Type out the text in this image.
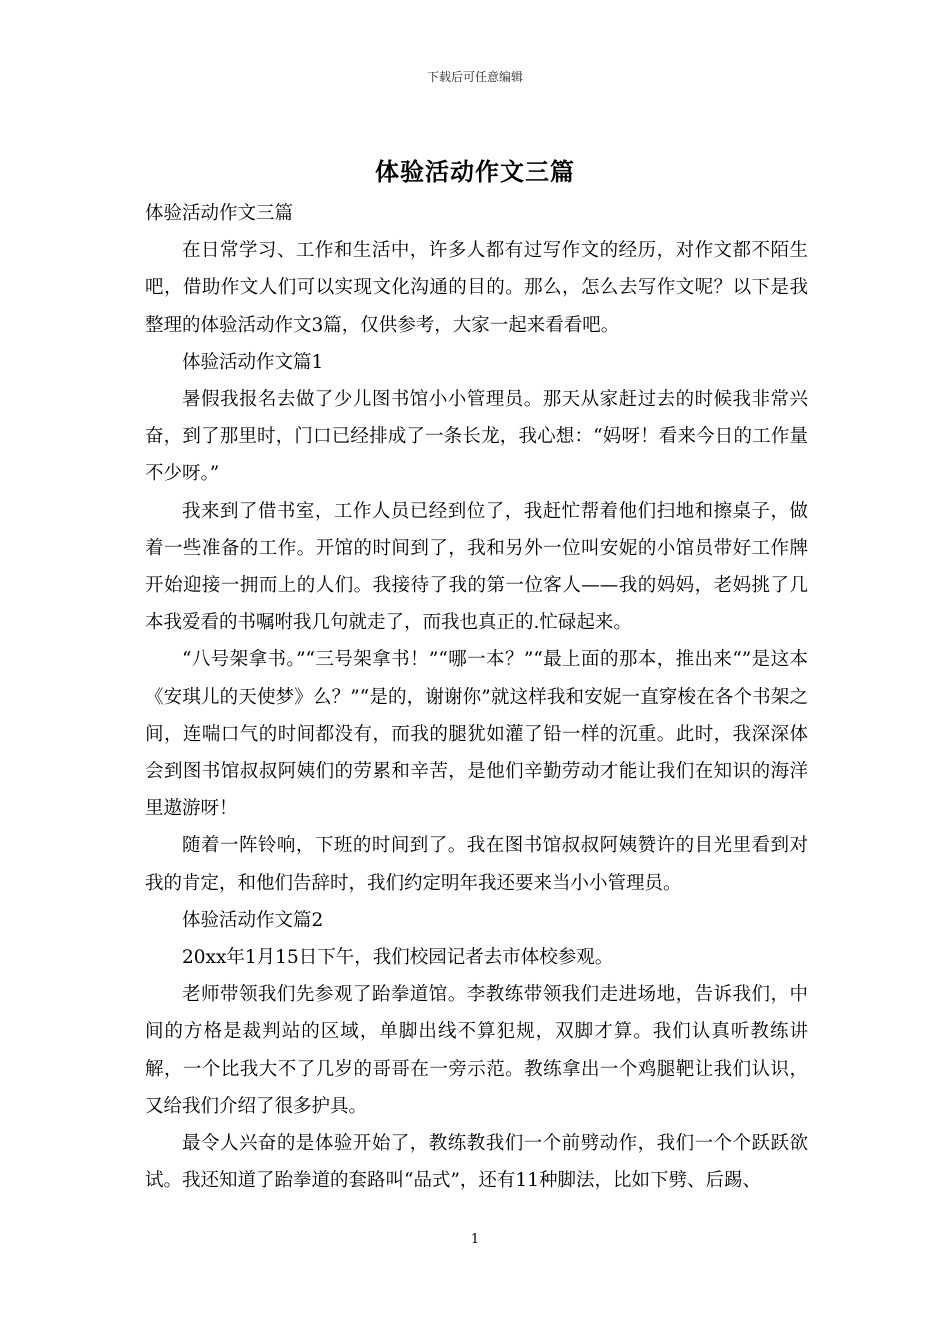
下载后可任意编辑
体验活动作文三篇

体验活动作文三篇

在日常学习、工作和生活中，许多人都有过写作文的经历，对作文都不陌生吧，借助作文人们可以实现文化沟通的目的。那么，怎么去写作文呢？以下是我整理的体验活动作文3篇，仅供参考，大家一起来看看吧。

体验活动作文篇1

暑假我报名去做了少儿图书馆小小管理员。那天从家赶过去的时候我非常兴奋，到了那里时，门口已经排成了一条长龙，我心想：“妈呀！看来今日的工作量不少呀。”

我来到了借书室，工作人员已经到位了，我赶忙帮着他们扫地和擦桌子，做着一些准备的工作。开馆的时间到了，我和另外一位叫安妮的小馆员带好工作牌开始迎接一拥而上的人们。我接待了我的第一位客人——我的妈妈，老妈挑了几本我爱看的书嘱咐我几句就走了，而我也真正的.忙碌起来。

“八号架拿书。”“三号架拿书！”“哪一本？”“最上面的那本，推出来“”是这本《安琪儿的天使梦》么？”“是的，谢谢你”就这样我和安妮一直穿梭在各个书架之间，连喘口气的时间都没有，而我的腿犹如灌了铅一样的沉重。此时，我深深体会到图书馆叔叔阿姨们的劳累和辛苦，是他们辛勤劳动才能让我们在知识的海洋里遨游呀！

随着一阵铃响，下班的时间到了。我在图书馆叔叔阿姨赞许的目光里看到对我的肯定，和他们告辞时，我们约定明年我还要来当小小管理员。

体验活动作文篇2

20xx年1月15日下午，我们校园记者去市体校参观。

老师带领我们先参观了跆拳道馆。李教练带领我们走进场地，告诉我们，中间的方格是裁判站的区域，单脚出线不算犯规，双脚才算。我们认真听教练讲解，一个比我大不了几岁的哥哥在一旁示范。教练拿出一个鸡腿靶让我们认识，又给我们介绍了很多护具。

最令人兴奋的是体验开始了，教练教我们一个前劈动作，我们一个个跃跃欲试。我还知道了跆拳道的套路叫“品式”，还有11种脚法，比如下劈、后踢、

1
